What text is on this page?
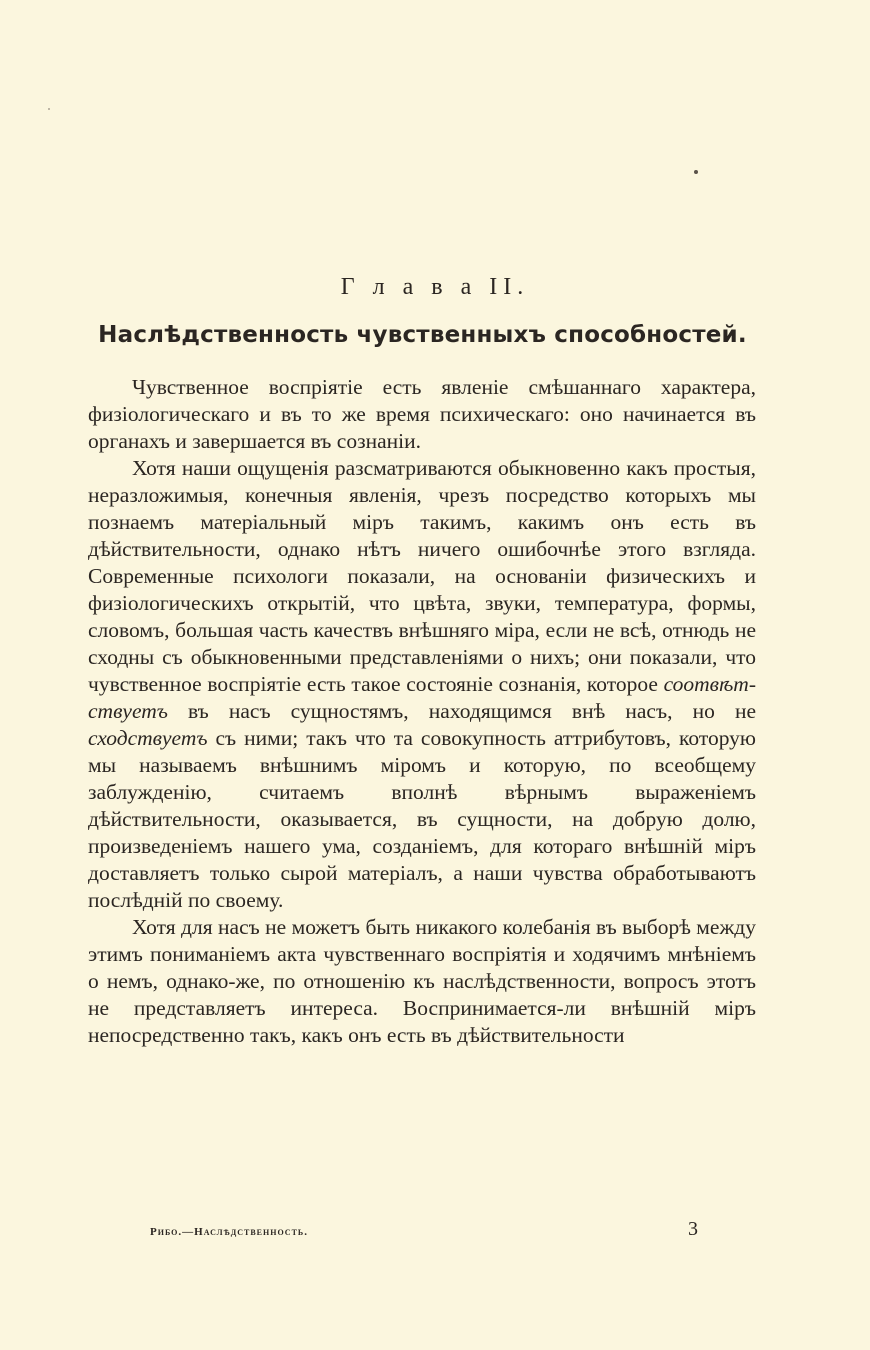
Г л а в а II.
Наслѣдственность чувственныхъ способностей.

Чувственное воспріятіе есть явленіе смѣшаннаго характера, физіологическаго и въ то же время психическаго: оно начинается въ органахъ и завершается въ сознаніи.

Хотя наши ощущенія разсматриваются обыкновенно какъ простыя, неразложимыя, конечныя явленія, чрезъ посредство которыхъ мы познаемъ матеріальный міръ такимъ, какимъ онъ есть въ дѣйствительности, однако нѣтъ ничего ошибочнѣе этого взгляда. Современные психологи показали, на основаніи физическихъ и физіологическихъ открытій, что цвѣта, звуки, температура, формы, словомъ, большая часть качествъ внѣшняго міра, если не всѣ, отнюдь не сходны съ обыкновенными представленіями о нихъ; они показали, что чувственное воспріятіе есть такое состояніе сознанія, которое соотвѣтствуетъ въ насъ сущностямъ, находящимся внѣ насъ, но не сходствуетъ съ ними; такъ что та совокупность аттрибутовъ, которую мы называемъ внѣшнимъ міромъ и которую, по всеобщему заблужденію, считаемъ вполнѣ вѣрнымъ выраженіемъ дѣйствительности, оказывается, въ сущности, на добрую долю, произведеніемъ нашего ума, созданіемъ, для котораго внѣшній міръ доставляетъ только сырой матеріалъ, а наши чувства обработываютъ послѣдній по своему.

Хотя для насъ не можетъ быть никакого колебанія въ выборѣ между этимъ пониманіемъ акта чувственнаго воспріятія и ходячимъ мнѣніемъ о немъ, однако-же, по отношенію къ наслѣдственности, вопросъ этотъ не представляетъ интереса. Воспринимается-ли внѣшній міръ непосредственно такъ, какъ онъ есть въ дѣйствительности

Рибо.—Наслѣдственность.	3
